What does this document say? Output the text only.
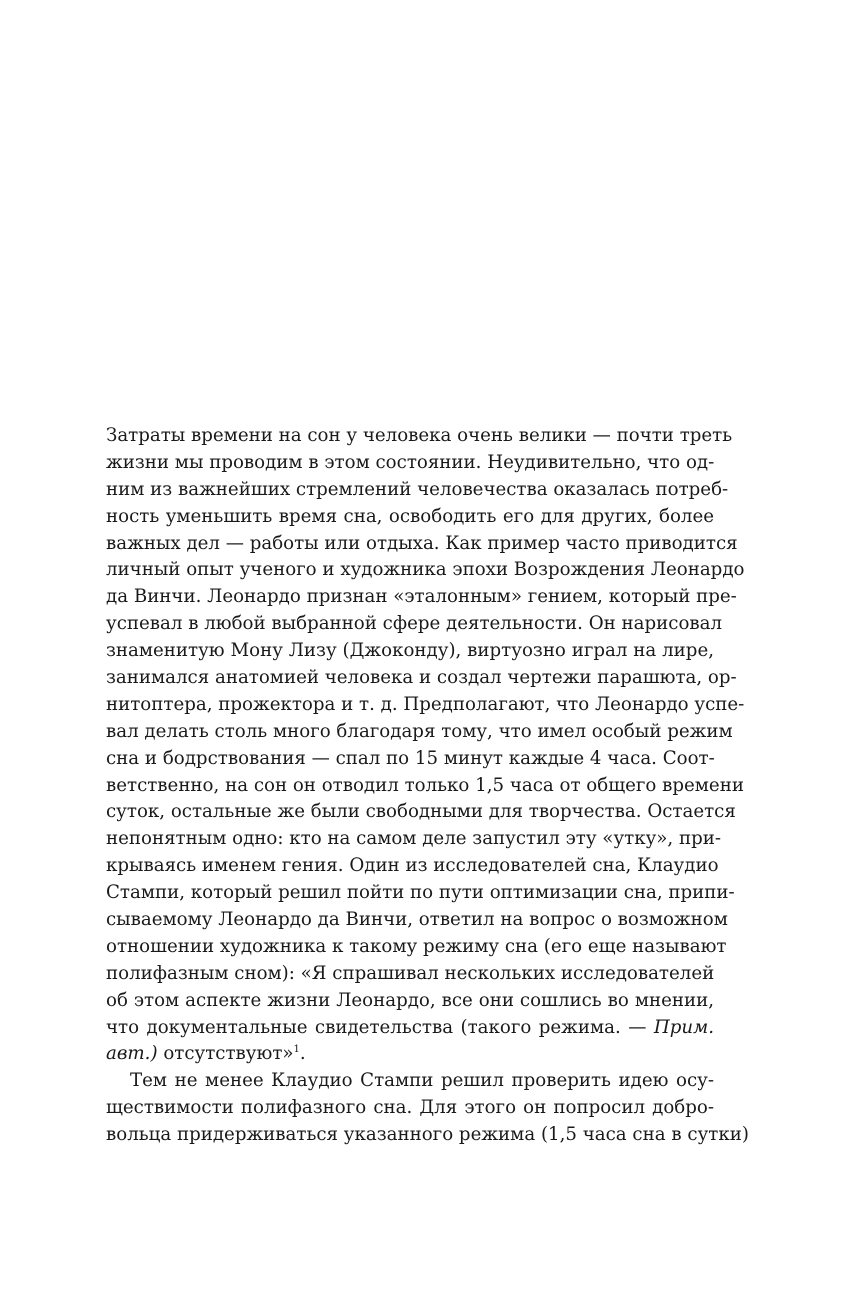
Затраты времени на сон у человека очень велики — почти треть
жизни мы проводим в этом состоянии. Неудивительно, что од-
ним из важнейших стремлений человечества оказалась потреб-
ность уменьшить время сна, освободить его для других, более
важных дел — работы или отдыха. Как пример часто приводится
личный опыт ученого и художника эпохи Возрождения Леонардо
да Винчи. Леонардо признан «эталонным» гением, который пре-
успевал в любой выбранной сфере деятельности. Он нарисовал
знаменитую Мону Лизу (Джоконду), виртуозно играл на лире,
занимался анатомией человека и создал чертежи парашюта, ор-
нитоптера, прожектора и т. д. Предполагают, что Леонардо успе-
вал делать столь много благодаря тому, что имел особый режим
сна и бодрствования — спал по 15 минут каждые 4 часа. Соот-
ветственно, на сон он отводил только 1,5 часа от общего времени
суток, остальные же были свободными для творчества. Остается
непонятным одно: кто на самом деле запустил эту «утку», при-
крываясь именем гения. Один из исследователей сна, Клаудио
Стампи, который решил пойти по пути оптимизации сна, припи-
сываемому Леонардо да Винчи, ответил на вопрос о возможном
отношении художника к такому режиму сна (его еще называют
полифазным сном): «Я спрашивал нескольких исследователей
об этом аспекте жизни Леонардо, все они сошлись во мнении,
что документальные свидетельства (такого режима. — Прим.
авт.) отсутствуют»$^1$.
Тем не менее Клаудио Стампи решил проверить идею осу-
ществимости полифазного сна. Для этого он попросил добро-
вольца придерживаться указанного режима (1,5 часа сна в сутки)
